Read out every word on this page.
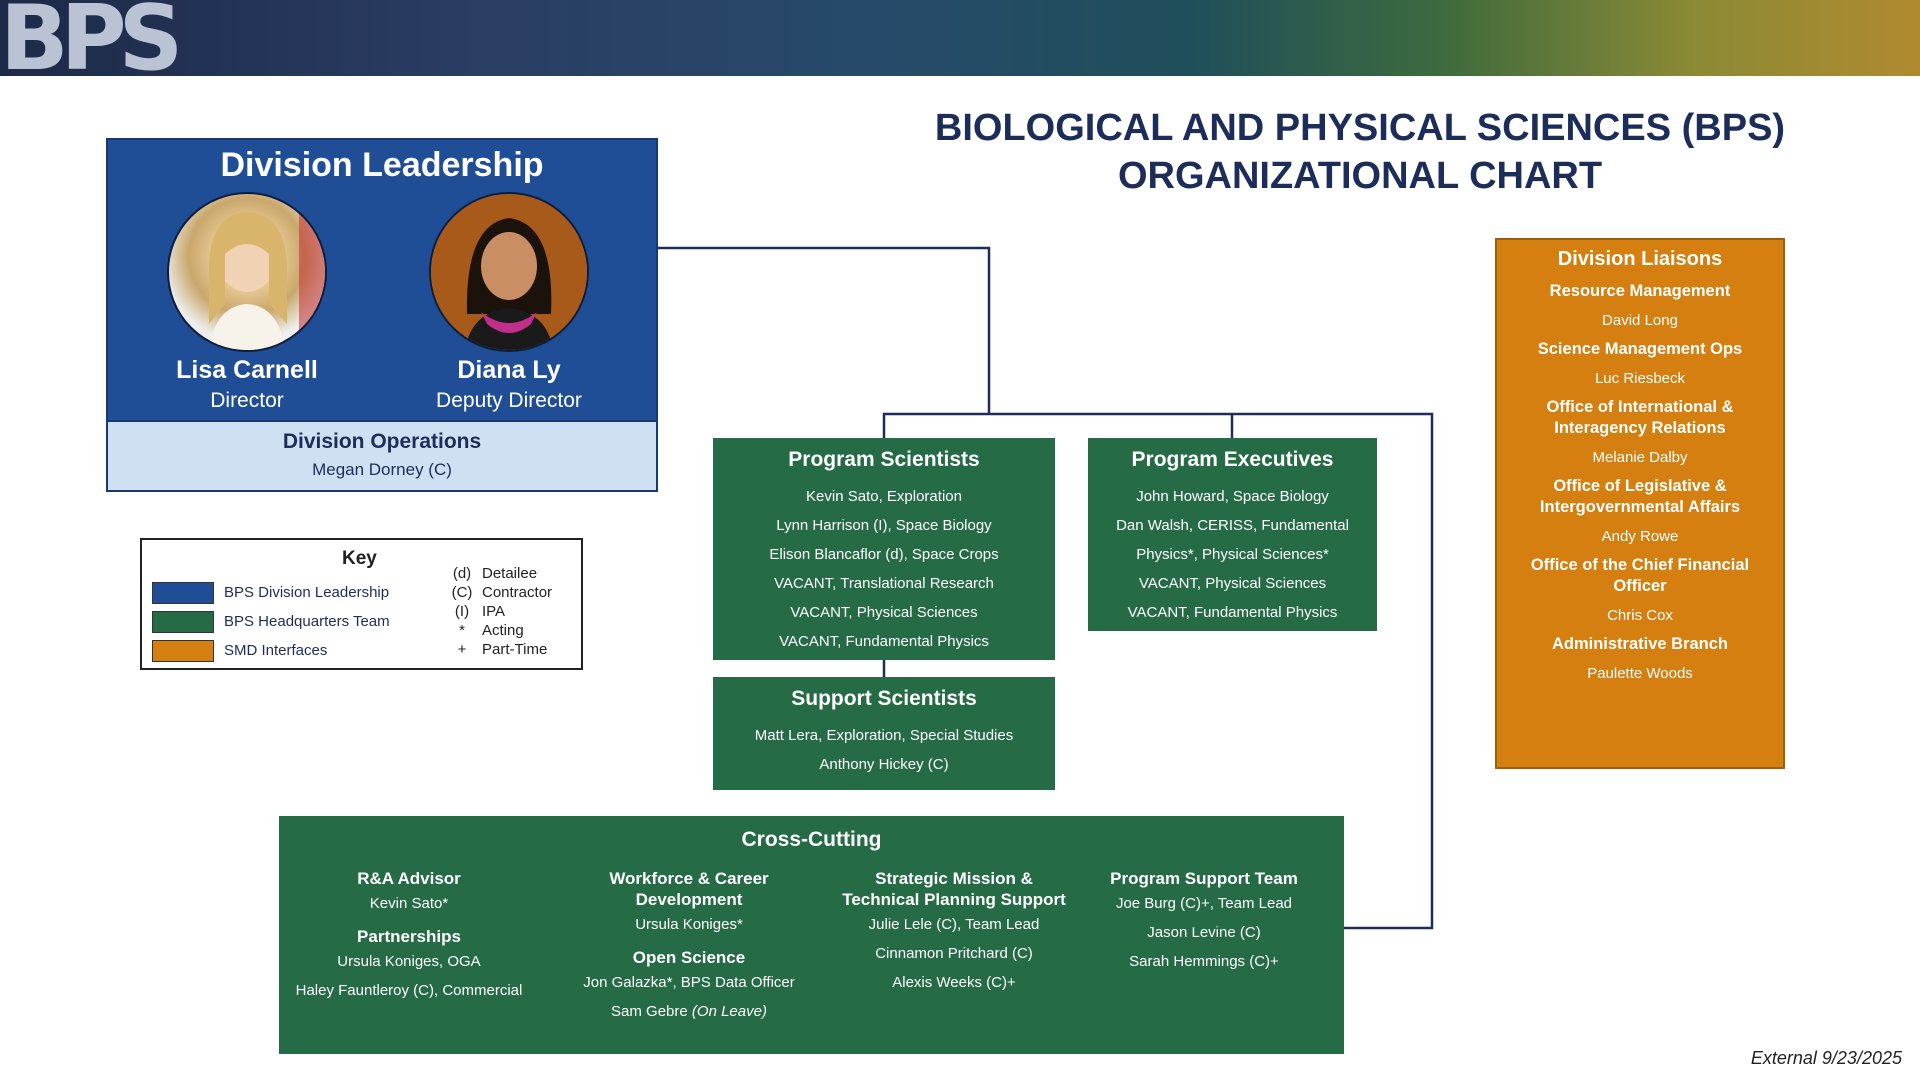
BPS
BIOLOGICAL AND PHYSICAL SCIENCES (BPS)
ORGANIZATIONAL CHART
Division Leadership
Lisa Carnell
Director
Diana Ly
Deputy Director
Division Operations
Megan Dorney (C)
Key
BPS Division Leadership
BPS Headquarters Team
SMD Interfaces
(d) Detailee
(C) Contractor
(I) IPA
* Acting
+ Part-Time
Program Scientists
Kevin Sato, Exploration
Lynn Harrison (I), Space Biology
Elison Blancaflor (d), Space Crops
VACANT, Translational Research
VACANT, Physical Sciences
VACANT, Fundamental Physics
Program Executives
John Howard, Space Biology
Dan Walsh, CERISS, Fundamental
Physics*, Physical Sciences*
VACANT, Physical Sciences
VACANT, Fundamental Physics
Support Scientists
Matt Lera, Exploration, Special Studies
Anthony Hickey (C)
Cross-Cutting
R&A Advisor
Kevin Sato*
Partnerships
Ursula Koniges, OGA
Haley Fauntleroy (C), Commercial
Workforce & Career
Development
Ursula Koniges*
Open Science
Jon Galazka*, BPS Data Officer
Sam Gebre (On Leave)
Strategic Mission &
Technical Planning Support
Julie Lele (C), Team Lead
Cinnamon Pritchard (C)
Alexis Weeks (C)+
Program Support Team
Joe Burg (C)+, Team Lead
Jason Levine (C)
Sarah Hemmings (C)+
Division Liaisons
Resource Management
David Long
Science Management Ops
Luc Riesbeck
Office of International &
Interagency Relations
Melanie Dalby
Office of Legislative &
Intergovernmental Affairs
Andy Rowe
Office of the Chief Financial
Officer
Chris Cox
Administrative Branch
Paulette Woods
External 9/23/2025
